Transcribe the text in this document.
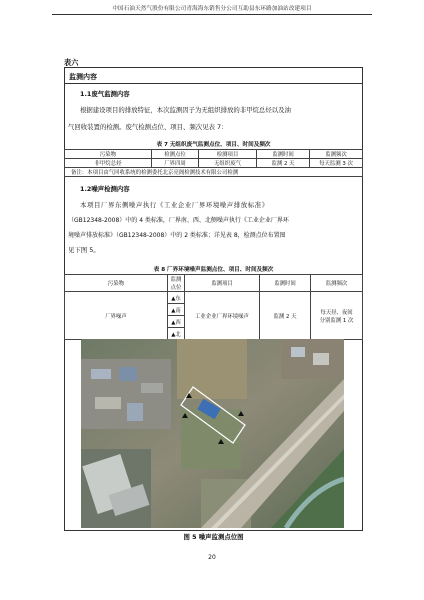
中国石油天然气股份有限公司青海海东销售分公司互助县东环路加油站改建项目
表六
监测内容
1.1废气监测内容
根据建设项目的排放特征，本次监测因子为无组织排放的非甲烷总烃以及油
气回收装置的检测。废气检测点位、项目、频次见表 7：
表 7 无组织废气监测点位、项目、时间及频次
污染物	检测点位	检测项目	监测时间	监测频次
非甲烷总烃	厂界四周	无组织废气	监测 2 天	每天监测 3 次
备注：本项目由气回收系统的检测委托北京亮阁检测技术有限公司检测				
1.2噪声检测内容
本项目厂界东侧噪声执行《工业企业厂界环境噪声排放标准》
（GB12348-2008）中的 4 类标准，厂界南、西、北侧噪声执行《工业企业厂界环
境噪声排放标准》（GB12348-2008）中的 2 类标准；详见表 8，检测点位布置图
见下图 5。
表 8 厂界环境噪声监测点位、项目、时间及频次
污染物	监测点位	监测项目	监测时间	监测频次
厂界噪声	▲东	工业企业厂界环境噪声	监测 2 天	每天昼、夜间
分别监测 1 次

	▲南			
	▲西			
	▲北			
图 5 噪声监测点位图
20
